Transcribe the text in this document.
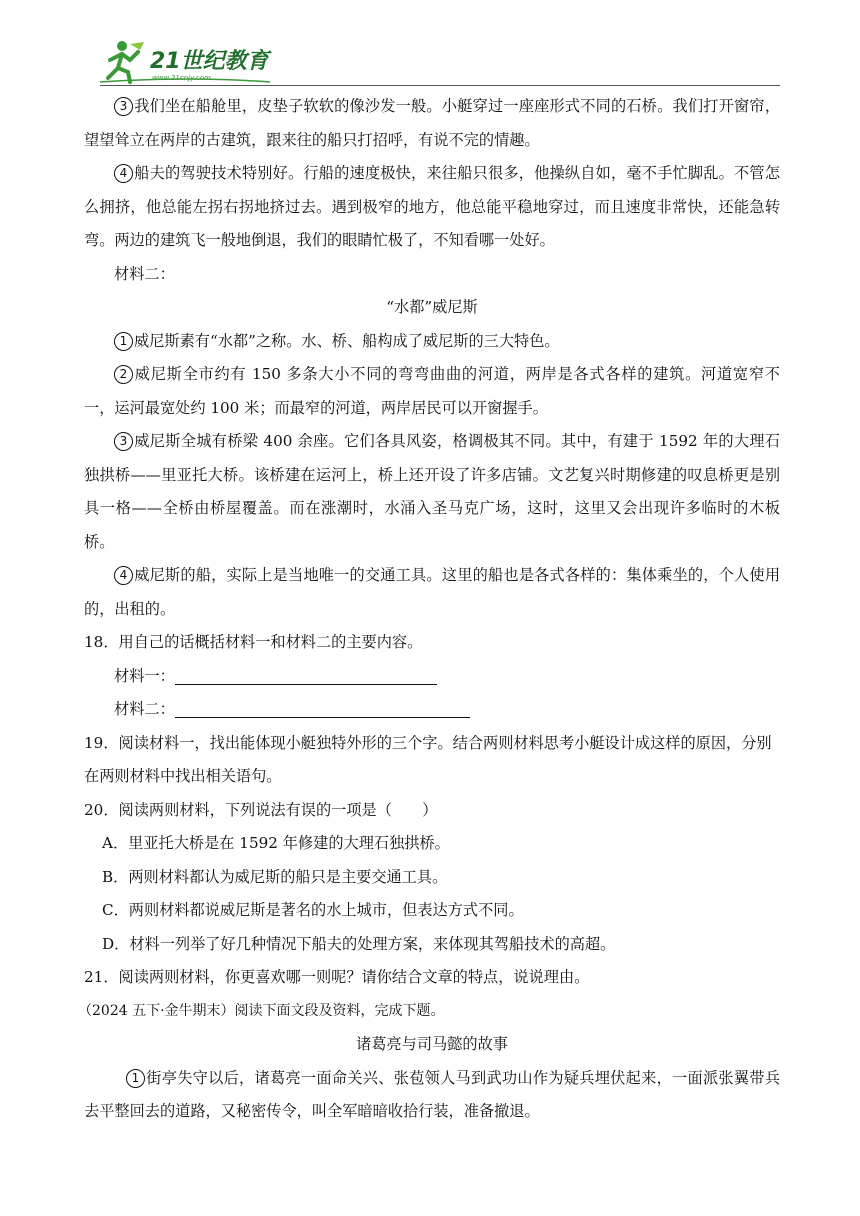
21世纪教育
www.21cnjy.com

3 我们坐在船舱里，皮垫子软软的像沙发一般。小艇穿过一座座形式不同的石桥。我们打开窗帘，望望耸立在两岸的古建筑，跟来往的船只打招呼，有说不完的情趣。

4 船夫的驾驶技术特别好。行船的速度极快，来往船只很多，他操纵自如，毫不手忙脚乱。不管怎么拥挤，他总能左拐右拐地挤过去。遇到极窄的地方，他总能平稳地穿过，而且速度非常快，还能急转弯。两边的建筑飞一般地倒退，我们的眼睛忙极了，不知看哪一处好。

材料二：

“水都”威尼斯

1 威尼斯素有“水都”之称。水、桥、船构成了威尼斯的三大特色。

2 威尼斯全市约有 150 多条大小不同的弯弯曲曲的河道，两岸是各式各样的建筑。河道宽窄不一，运河最宽处约 100 米；而最窄的河道，两岸居民可以开窗握手。

3 威尼斯全城有桥梁 400 余座。它们各具风姿，格调极其不同。其中，有建于 1592 年的大理石独拱桥——里亚托大桥。该桥建在运河上，桥上还开设了许多店铺。文艺复兴时期修建的叹息桥更是别具一格——全桥由桥屋覆盖。而在涨潮时，水涌入圣马克广场，这时，这里又会出现许多临时的木板桥。

4 威尼斯的船，实际上是当地唯一的交通工具。这里的船也是各式各样的：集体乘坐的，个人使用的，出租的。

18．用自己的话概括材料一和材料二的主要内容。

材料一：

材料二：

19．阅读材料一，找出能体现小艇独特外形的三个字。结合两则材料思考小艇设计成这样的原因，分别在两则材料中找出相关语句。

20．阅读两则材料，下列说法有误的一项是（　　）

A．里亚托大桥是在 1592 年修建的大理石独拱桥。

B．两则材料都认为威尼斯的船只是主要交通工具。

C．两则材料都说威尼斯是著名的水上城市，但表达方式不同。

D．材料一列举了好几种情况下船夫的处理方案，来体现其驾船技术的高超。

21．阅读两则材料，你更喜欢哪一则呢？请你结合文章的特点，说说理由。

（2024 五下·金牛期末）阅读下面文段及资料，完成下题。

诸葛亮与司马懿的故事

1 街亭失守以后，诸葛亮一面命关兴、张苞领人马到武功山作为疑兵埋伏起来，一面派张翼带兵去平整回去的道路，又秘密传令，叫全军暗暗收拾行装，准备撤退。
